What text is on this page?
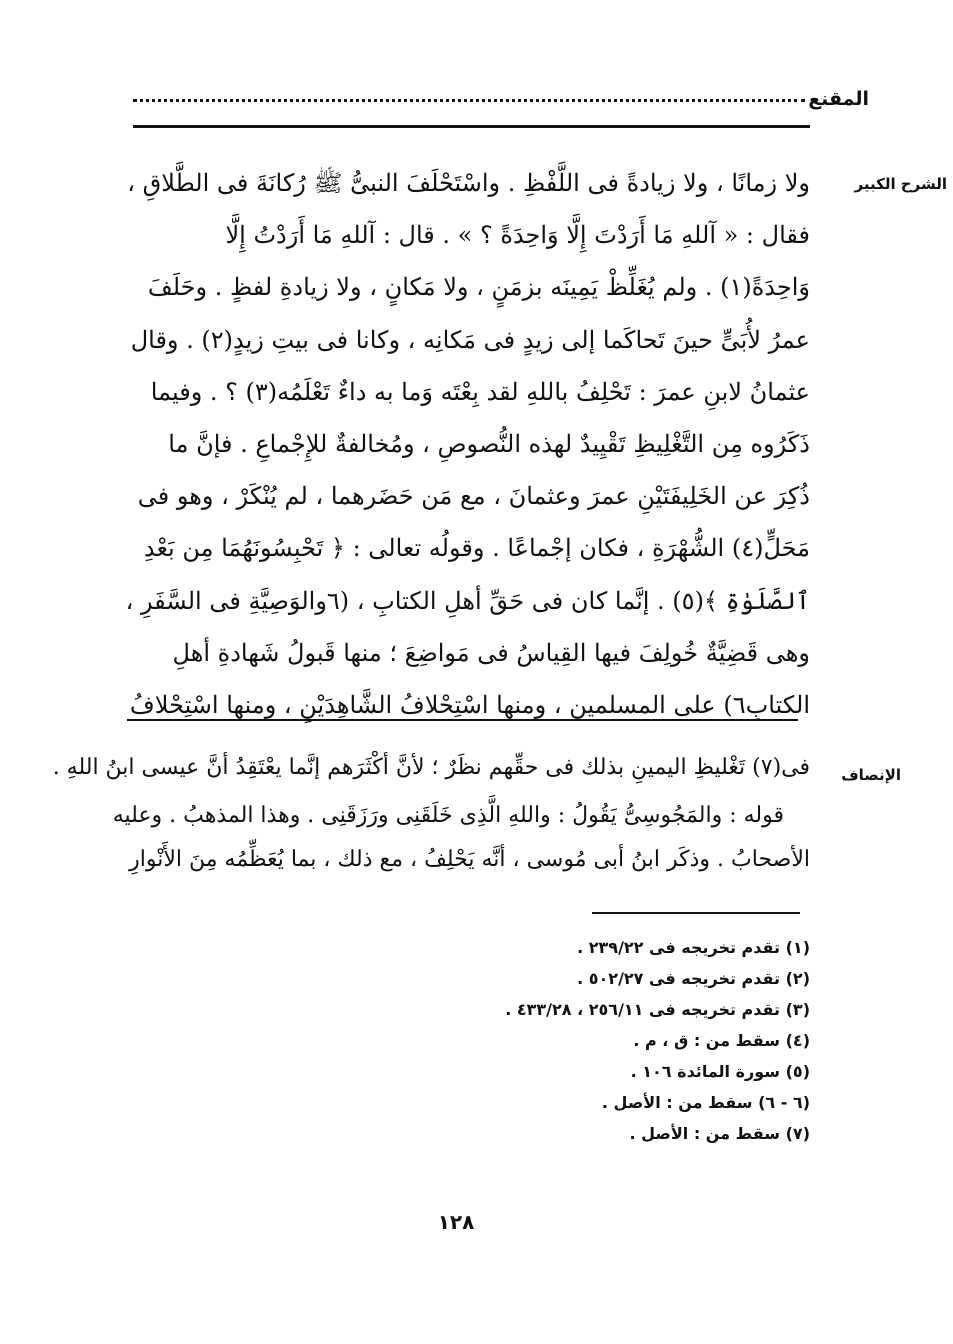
المقنع
الشرح الكبير
ولا زمانًا ، ولا زيادةً فى اللَّفْظِ . واسْتَحْلَفَ النبىُّ ﷺ رُكانَةَ فى الطَّلاقِ ،
فقال : « آللهِ مَا أَرَدْتَ إِلَّا وَاحِدَةً ؟ » . قال : آللهِ مَا أَرَدْتُ إِلَّا
وَاحِدَةً(١) . ولم يُغَلِّظْ يَمِينَه بزمَنٍ ، ولا مَكانٍ ، ولا زيادةِ لفظٍ . وحَلَفَ
عمرُ لأُبَىٍّ حينَ تَحاكَما إلى زيدٍ فى مَكانِه ، وكانا فى بيتِ زيدٍ(٢) . وقال
عثمانُ لابنِ عمرَ : تَحْلِفُ باللهِ لقد بِعْتَه وَما به داءٌ تَعْلَمُه(٣) ؟ . وفيما
ذَكَرُوه مِن التَّغْلِيظِ تَقْيِيدٌ لهذه النُّصوصِ ، ومُخالفةٌ للإِجْماعِ . فإنَّ ما
ذُكِرَ عن الخَلِيفَتَيْنِ عمرَ وعثمانَ ، مع مَن حَضَرهما ، لم يُنْكَرْ ، وهو فى
مَحَلٍّ(٤) الشُّهْرَةِ ، فكان إجْماعًا . وقولُه تعالى : ﴿ تَحْبِسُونَهُمَا مِن بَعْدِ
ٱلصَّلَوٰةِ ﴾(٥) . إنَّما كان فى حَقِّ أهلِ الكتابِ ، (٦والوَصِيَّةِ فى السَّفَرِ ،
وهى قَضِيَّةٌ خُولِفَ فيها القِياسُ فى مَواضِعَ ؛ منها قَبولُ شَهادةِ أهلِ
الكتابِ٦) على المسلمين ، ومنها اسْتِحْلافُ الشَّاهِدَيْنِ ، ومنها اسْتِحْلافُ
الإنصاف
فى(٧) تَغْليظِ اليمينِ بذلك فى حقِّهم نظَرٌ ؛ لأنَّ أكْثَرَهم إنَّما يعْتَقِدُ أنَّ عيسى ابنُ اللهِ .
قوله : والمَجُوسِىُّ يَقُولُ : واللهِ الَّذِى خَلَقَنِى ورَزَقَنِى . وهذا المذهبُ . وعليه
الأصحابُ . وذكَر ابنُ أبى مُوسى ، أنَّه يَحْلِفُ ، مع ذلك ، بما يُعَظِّمُه مِنَ الأَنْوارِ
(١) تقدم تخريجه فى ٢٣٩/٢٢ .
(٢) تقدم تخريجه فى ٥٠٢/٢٧ .
(٣) تقدم تخريجه فى ٢٥٦/١١ ، ٤٣٣/٢٨ .
(٤) سقط من : ق ، م .
(٥) سورة المائدة ١٠٦ .
(٦ - ٦) سقط من : الأصل .
(٧) سقط من : الأصل .
١٢٨
